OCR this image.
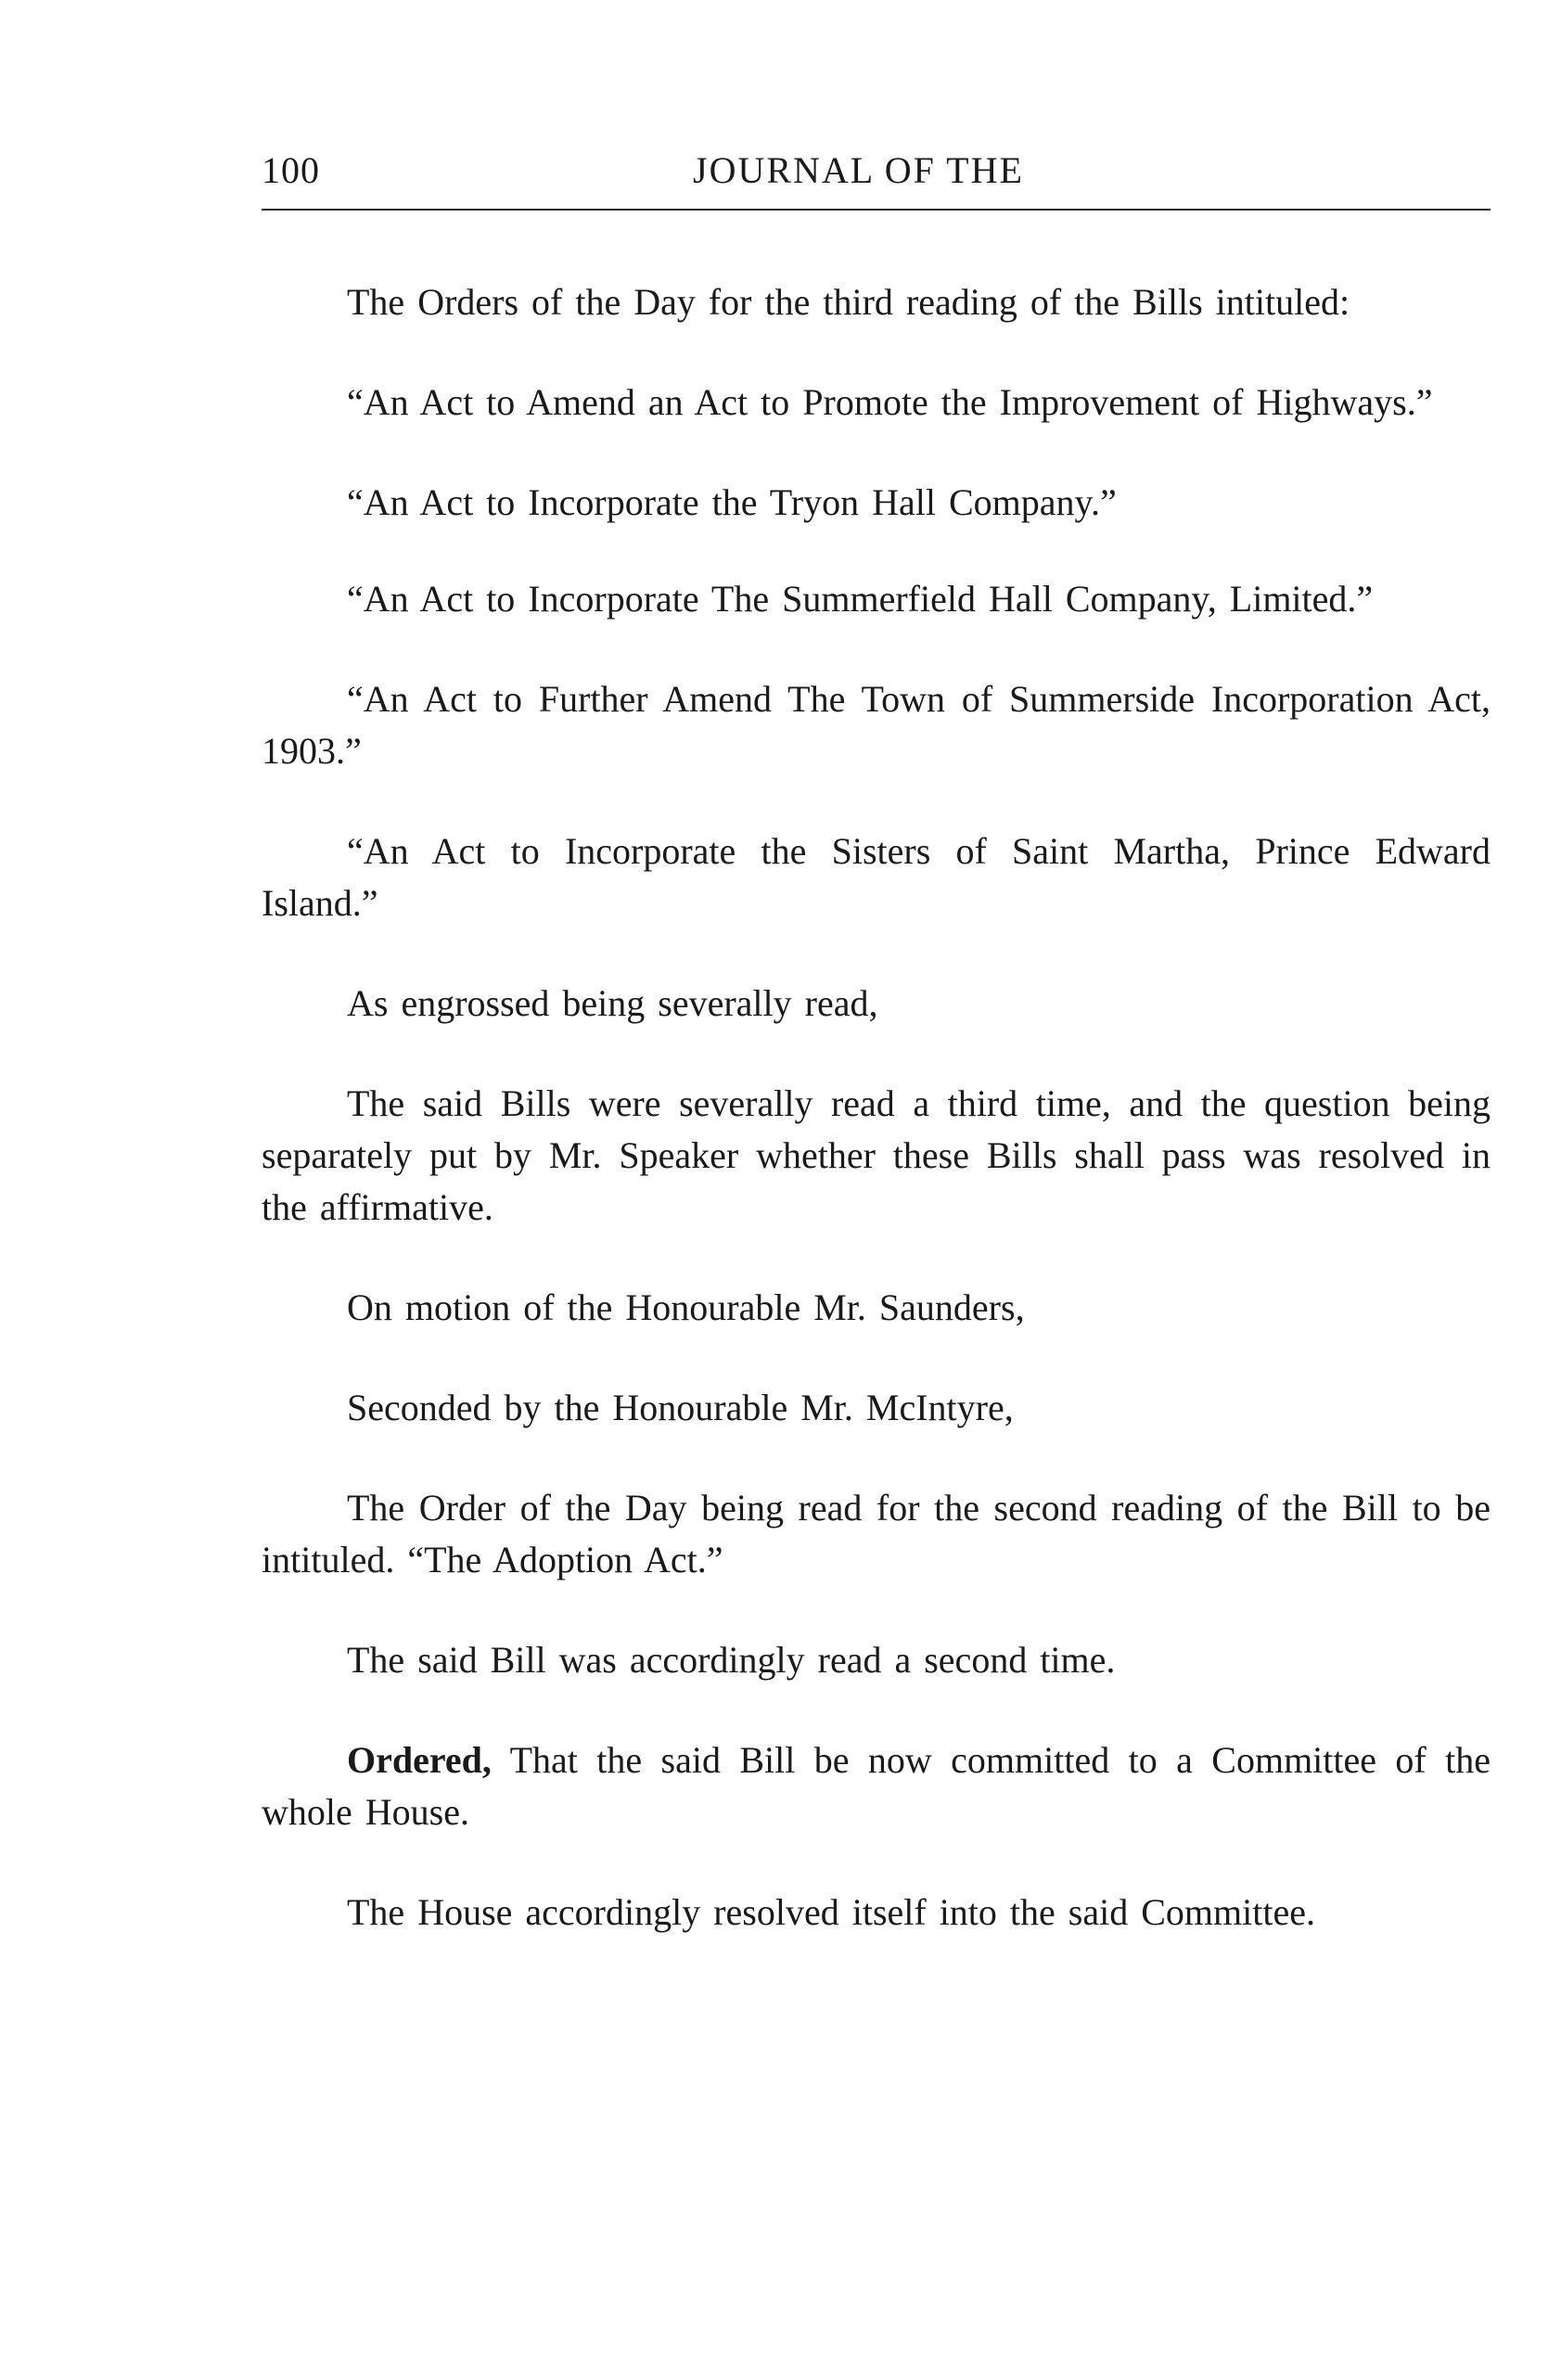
100	JOURNAL OF THE

The Orders of the Day for the third reading of the Bills intituled:

“An Act to Amend an Act to Promote the Improvement of Highways.”

“An Act to Incorporate the Tryon Hall Company.”

“An Act to Incorporate The Summerfield Hall Company, Limited.”

“An Act to Further Amend The Town of Summerside Incorporation Act, 1903.”

“An Act to Incorporate the Sisters of Saint Martha, Prince Edward Island.”

As engrossed being severally read,

The said Bills were severally read a third time, and the question being separately put by Mr. Speaker whether these Bills shall pass was resolved in the affirmative.

On motion of the Honourable Mr. Saunders,

Seconded by the Honourable Mr. McIntyre,

The Order of the Day being read for the second reading of the Bill to be intituled. “The Adoption Act.”

The said Bill was accordingly read a second time.

Ordered, That the said Bill be now committed to a Committee of the whole House.

The House accordingly resolved itself into the said Committee.
